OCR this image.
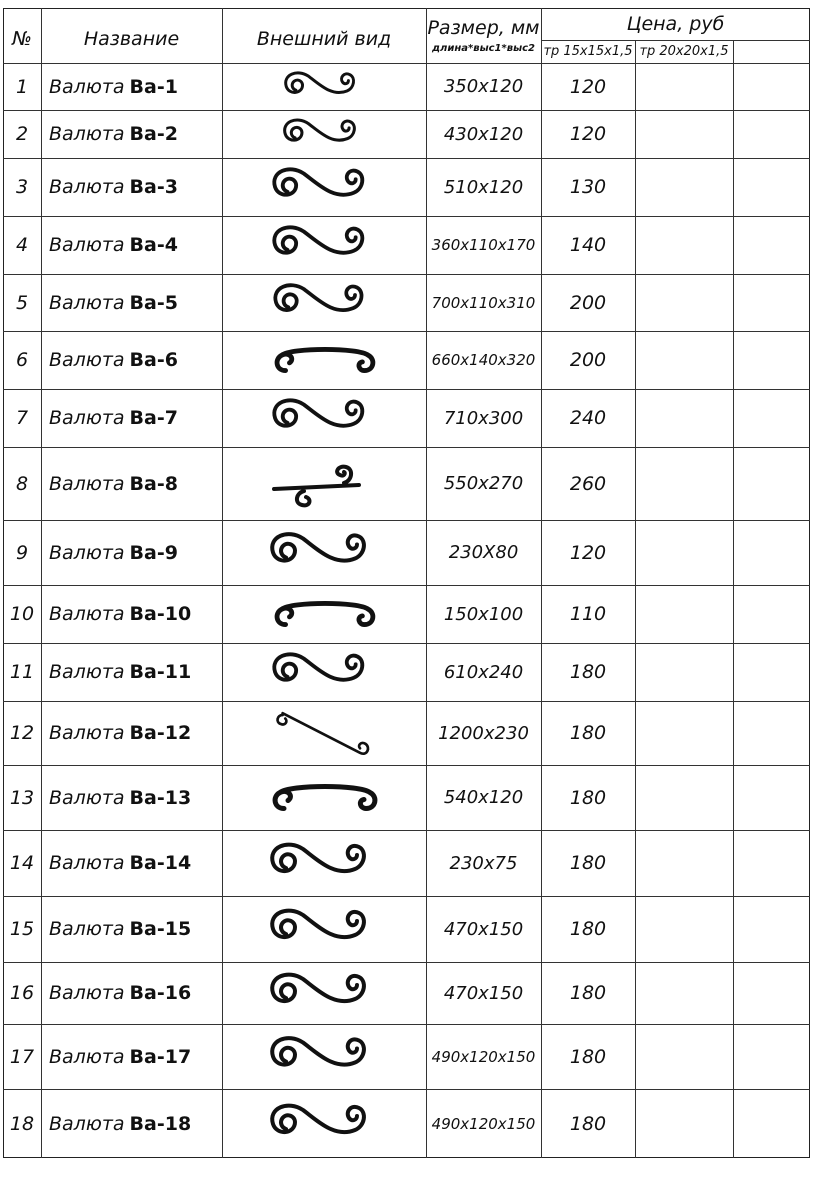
№	Название	Внешний вид	Размер, мм
длина*выс1*выс2
Цена, руб
тр 15х15х1,5 тр 20х20х1,5
1	Валюта Ва-1	350х120	120
2	Валюта Ва-2	430х120	120
3	Валюта Ва-3	510х120	130
4	Валюта Ва-4	360х110х170	140
5	Валюта Ва-5	700х110х310	200
6	Валюта Ва-6	660х140х320	200
7	Валюта Ва-7	710х300	240
8	Валюта Ва-8	550х270	260
9	Валюта Ва-9	230Х80	120
10 Валюта Ва-10	150х100	110
11 Валюта Ва-11	610х240	180
12 Валюта Ва-12	1200х230	180
13 Валюта Ва-13	540х120	180
14 Валюта Ва-14	230х75	180
15 Валюта Ва-15	470х150	180
16 Валюта Ва-16	470х150	180
17 Валюта Ва-17	490х120х150	180
18 Валюта Ва-18	490х120х150	180
